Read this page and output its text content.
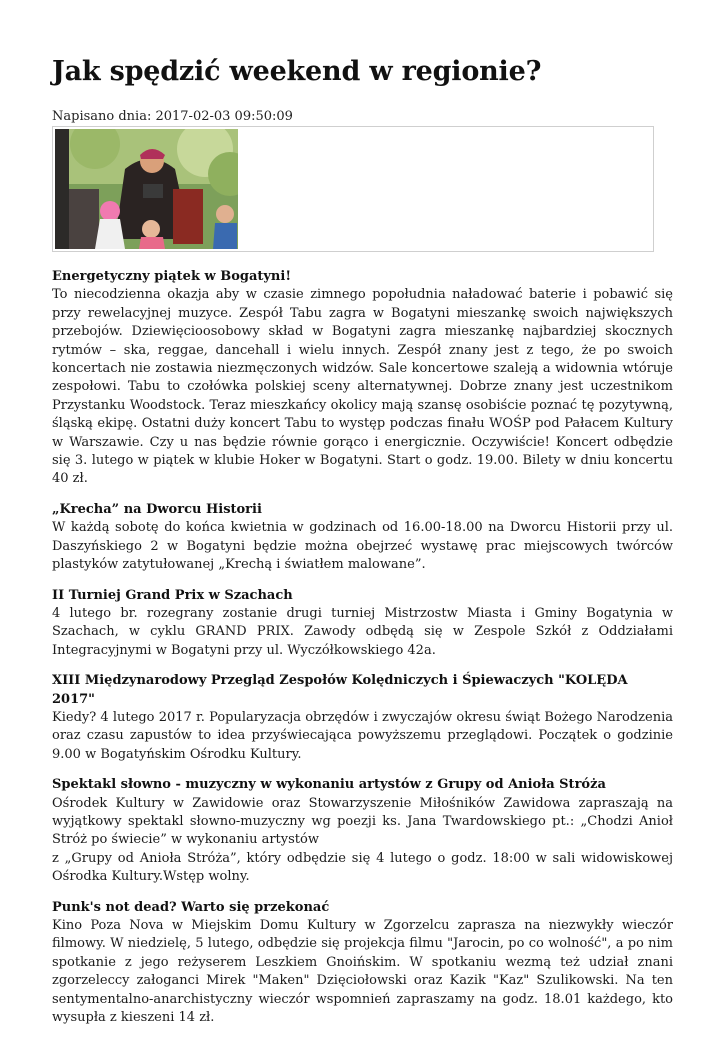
Jak spędzić weekend w regionie?
Napisano dnia: 2017-02-03 09:50:09
Energetyczny piątek w Bogatyni!

To niecodzienna okazja aby w czasie zimnego popołudnia naładować baterie i pobawić się przy rewelacyjnej muzyce. Zespół Tabu zagra w Bogatyni mieszankę swoich największych przebojów. Dziewięcioosobowy skład w Bogatyni zagra mieszankę najbardziej skocznych rytmów – ska, reggae, dancehall i wielu innych. Zespół znany jest z tego, że po swoich koncertach nie zostawia niezmęczonych widzów. Sale koncertowe szaleją a widownia wtóruje zespołowi. Tabu to czołówka polskiej sceny alternatywnej. Dobrze znany jest uczestnikom Przystanku Woodstock. Teraz mieszkańcy okolicy mają szansę osobiście poznać tę pozytywną, śląską ekipę. Ostatni duży koncert Tabu to występ podczas finału WOŚP pod Pałacem Kultury w Warszawie. Czy u nas będzie równie gorąco i energicznie. Oczywiście! Koncert odbędzie się 3. lutego w piątek w klubie Hoker w Bogatyni. Start o godz. 19.00. Bilety w dniu koncertu 40 zł.

„Krecha” na Dworcu Historii

W każdą sobotę do końca kwietnia w godzinach od 16.00-18.00 na Dworcu Historii przy ul. Daszyńskiego 2 w Bogatyni będzie można obejrzeć wystawę prac miejscowych twórców plastyków zatytułowanej „Krechą i światłem malowane”.

II Turniej Grand Prix w Szachach

4 lutego br. rozegrany zostanie drugi turniej Mistrzostw Miasta i Gminy Bogatynia w Szachach, w cyklu GRAND PRIX. Zawody odbędą się w Zespole Szkół z Oddziałami Integracyjnymi w Bogatyni przy ul. Wyczółkowskiego 42a.

XIII Międzynarodowy Przegląd Zespołów Kolędniczych i Śpiewaczych "KOLĘDA 2017"

Kiedy? 4 lutego 2017 r. Popularyzacja obrzędów i zwyczajów okresu świąt Bożego Narodzenia oraz czasu zapustów to idea przyświecająca powyższemu przeglądowi. Początek o godzinie 9.00 w Bogatyńskim Ośrodku Kultury.

Spektakl słowno - muzyczny w wykonaniu artystów z Grupy od Anioła Stróża

Ośrodek Kultury w Zawidowie oraz Stowarzyszenie Miłośników Zawidowa zapraszają na wyjątkowy spektakl słowno-muzyczny wg poezji ks. Jana Twardowskiego pt.: „Chodzi Anioł Stróż po świecie” w wykonaniu artystów

z „Grupy od Anioła Stróża”, który odbędzie się 4 lutego o godz. 18:00 w sali widowiskowej Ośrodka Kultury.Wstęp wolny.

Punk's not dead? Warto się przekonać

Kino Poza Nova w Miejskim Domu Kultury w Zgorzelcu zaprasza na niezwykły wieczór filmowy. W niedzielę, 5 lutego, odbędzie się projekcja filmu "Jarocin, po co wolność", a po nim spotkanie z jego reżyserem Leszkiem Gnoińskim. W spotkaniu wezmą też udział znani zgorzeleccy załoganci Mirek "Maken" Dzięciołowski oraz Kazik "Kaz" Szulikowski. Na ten sentymentalno-anarchistyczny wieczór wspomnień zapraszamy na godz. 18.01 każdego, kto wysupła z kieszeni 14 zł.
